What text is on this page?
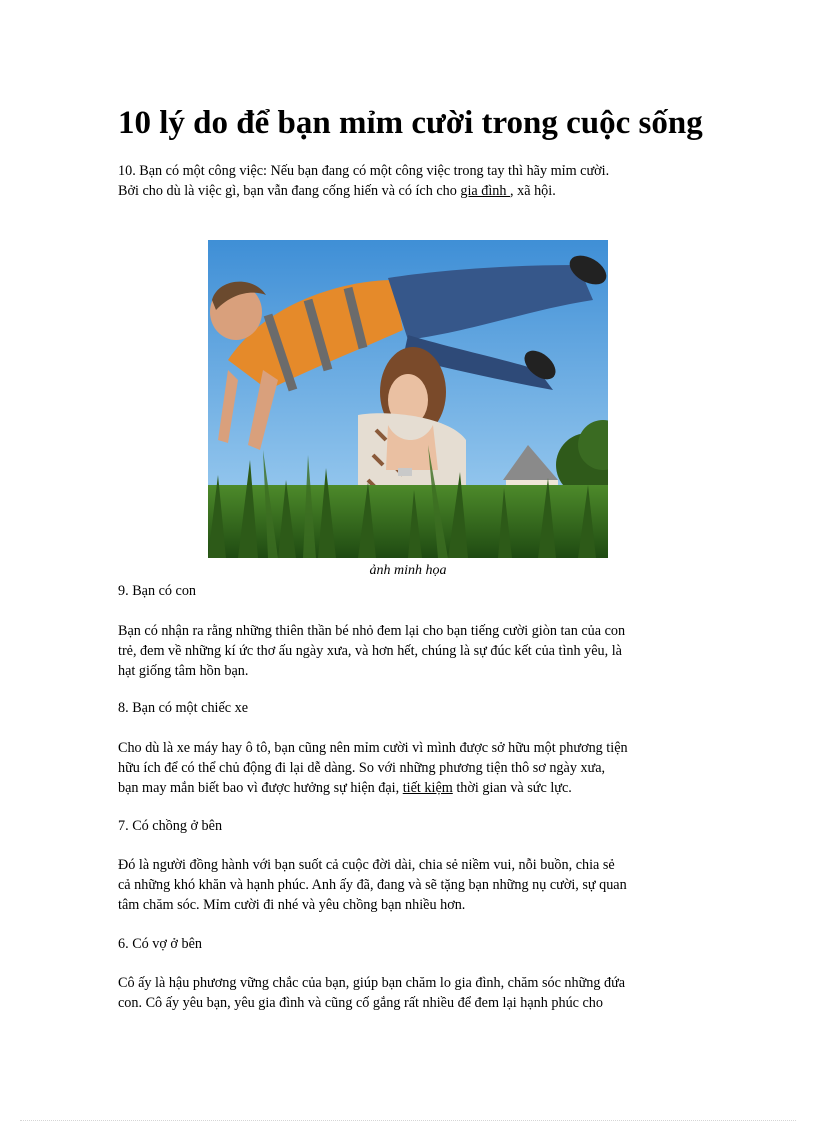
10 lý do để bạn mỉm cười trong cuộc sống

10. Bạn có một công việc: Nếu bạn đang có một công việc trong tay thì hãy mỉm cười.
Bởi cho dù là việc gì, bạn vẫn đang cống hiến và có ích cho gia đình , xã hội.

ảnh minh họa

9. Bạn có con

Bạn có nhận ra rằng những thiên thần bé nhỏ đem lại cho bạn tiếng cười giòn tan của con
trẻ, đem về những kí ức thơ ấu ngày xưa, và hơn hết, chúng là sự đúc kết của tình yêu, là
hạt giống tâm hồn bạn.

8. Bạn có một chiếc xe

Cho dù là xe máy hay ô tô, bạn cũng nên mỉm cười vì mình được sở hữu một phương tiện
hữu ích để có thể chủ động đi lại dễ dàng. So với những phương tiện thô sơ ngày xưa,
bạn may mắn biết bao vì được hưởng sự hiện đại, tiết kiệm thời gian và sức lực.

7. Có chồng ở bên

Đó là người đồng hành với bạn suốt cả cuộc đời dài, chia sẻ niềm vui, nỗi buồn, chia sẻ
cả những khó khăn và hạnh phúc. Anh ấy đã, đang và sẽ tặng bạn những nụ cười, sự quan
tâm chăm sóc. Mỉm cười đi nhé và yêu chồng bạn nhiều hơn.

6. Có vợ ở bên

Cô ấy là hậu phương vững chắc của bạn, giúp bạn chăm lo gia đình, chăm sóc những đứa
con. Cô ấy yêu bạn, yêu gia đình và cũng cố gắng rất nhiều để đem lại hạnh phúc cho
